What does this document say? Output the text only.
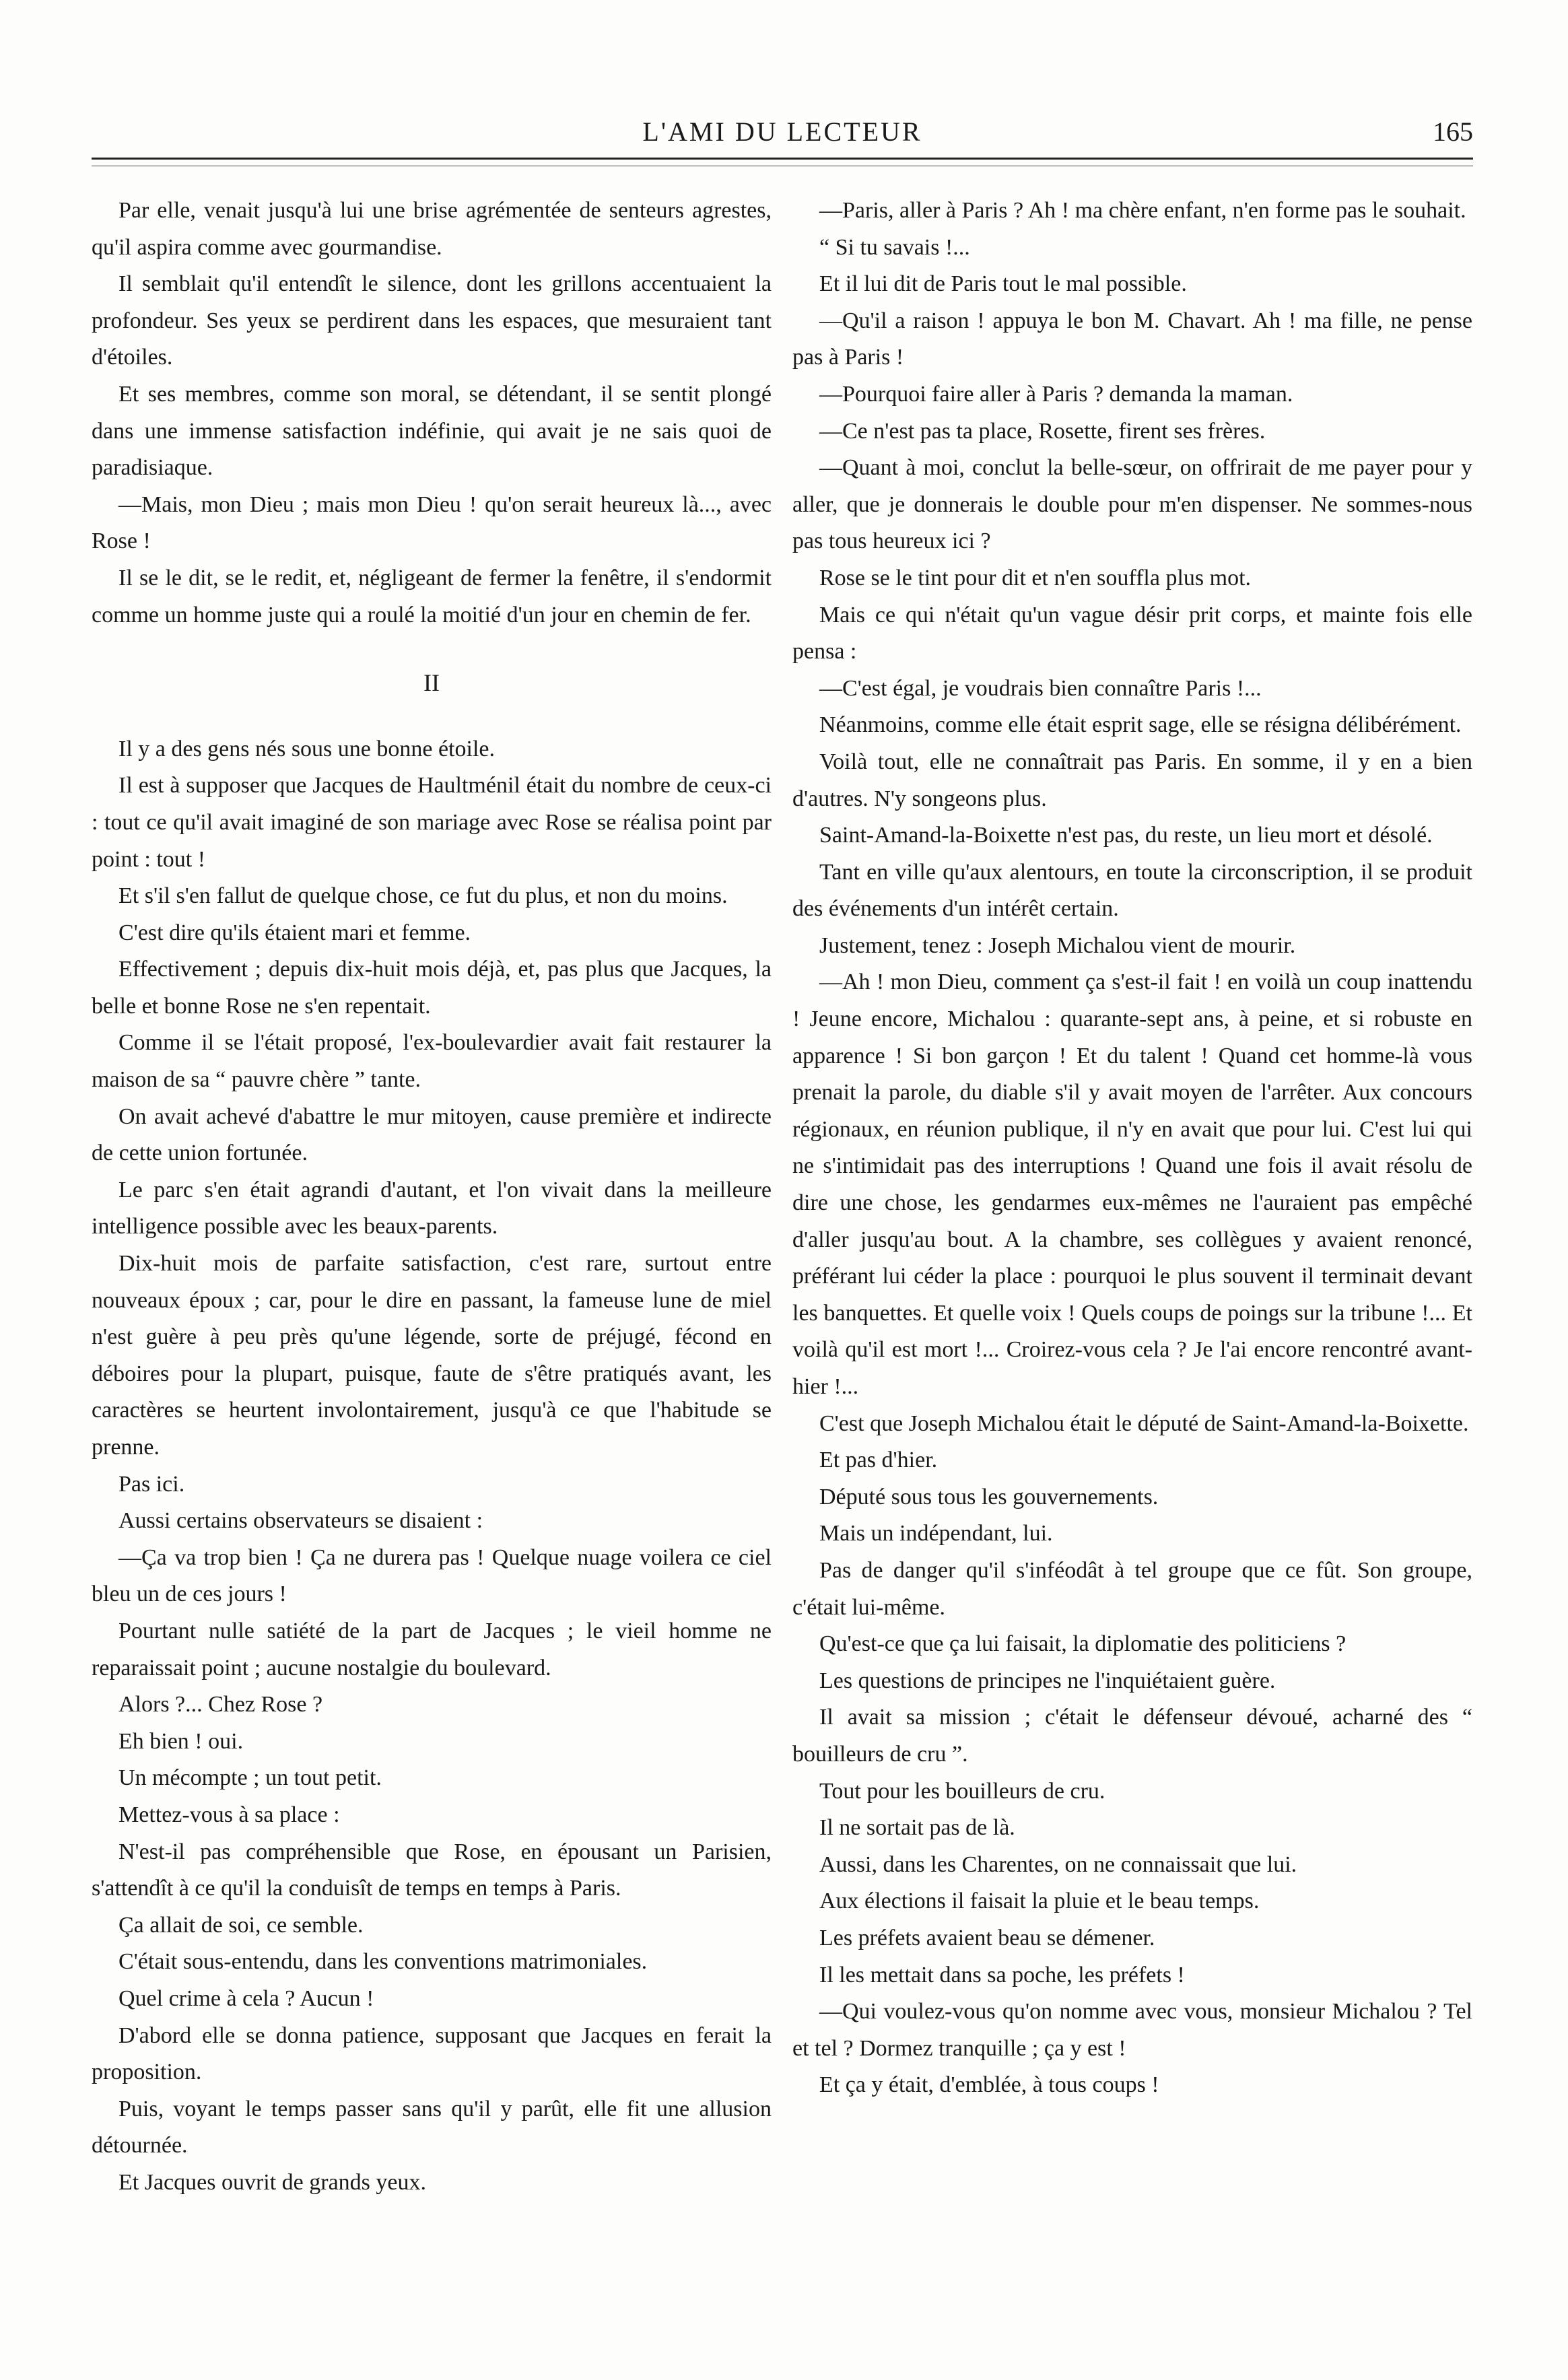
L'AMI DU LECTEUR	165

Par elle, venait jusqu'à lui une brise agrémentée de senteurs agrestes, qu'il aspira comme avec gourmandise.

Il semblait qu'il entendît le silence, dont les grillons accentuaient la profondeur. Ses yeux se perdirent dans les espaces, que mesuraient tant d'étoiles.

Et ses membres, comme son moral, se détendant, il se sentit plongé dans une immense satisfaction indéfinie, qui avait je ne sais quoi de paradisiaque.

—Mais, mon Dieu ; mais mon Dieu ! qu'on serait heureux là..., avec Rose !

Il se le dit, se le redit, et, négligeant de fermer la fenêtre, il s'endormit comme un homme juste qui a roulé la moitié d'un jour en chemin de fer.

II

Il y a des gens nés sous une bonne étoile.

Il est à supposer que Jacques de Haultménil était du nombre de ceux-ci : tout ce qu'il avait imaginé de son mariage avec Rose se réalisa point par point : tout !

Et s'il s'en fallut de quelque chose, ce fut du plus, et non du moins.

C'est dire qu'ils étaient mari et femme.

Effectivement ; depuis dix-huit mois déjà, et, pas plus que Jacques, la belle et bonne Rose ne s'en repentait.

Comme il se l'était proposé, l'ex-boulevardier avait fait restaurer la maison de sa “ pauvre chère ” tante.

On avait achevé d'abattre le mur mitoyen, cause première et indirecte de cette union fortunée.

Le parc s'en était agrandi d'autant, et l'on vivait dans la meilleure intelligence possible avec les beaux-parents.

Dix-huit mois de parfaite satisfaction, c'est rare, surtout entre nouveaux époux ; car, pour le dire en passant, la fameuse lune de miel n'est guère à peu près qu'une légende, sorte de préjugé, fécond en déboires pour la plupart, puisque, faute de s'être pratiqués avant, les caractères se heurtent involontairement, jusqu'à ce que l'habitude se prenne.

Pas ici.

Aussi certains observateurs se disaient :

—Ça va trop bien ! Ça ne durera pas ! Quelque nuage voilera ce ciel bleu un de ces jours !

Pourtant nulle satiété de la part de Jacques ; le vieil homme ne reparaissait point ; aucune nostalgie du boulevard.

Alors ?... Chez Rose ?

Eh bien ! oui.

Un mécompte ; un tout petit.

Mettez-vous à sa place :

N'est-il pas compréhensible que Rose, en épousant un Parisien, s'attendît à ce qu'il la conduisît de temps en temps à Paris.

Ça allait de soi, ce semble.

C'était sous-entendu, dans les conventions matrimoniales.

Quel crime à cela ? Aucun !

D'abord elle se donna patience, supposant que Jacques en ferait la proposition.

Puis, voyant le temps passer sans qu'il y parût, elle fit une allusion détournée.

Et Jacques ouvrit de grands yeux.

—Paris, aller à Paris ? Ah ! ma chère enfant, n'en forme pas le souhait.

“ Si tu savais !...

Et il lui dit de Paris tout le mal possible.

—Qu'il a raison ! appuya le bon M. Chavart. Ah ! ma fille, ne pense pas à Paris !

—Pourquoi faire aller à Paris ? demanda la maman.

—Ce n'est pas ta place, Rosette, firent ses frères.

—Quant à moi, conclut la belle-sœur, on offrirait de me payer pour y aller, que je donnerais le double pour m'en dispenser. Ne sommes-nous pas tous heureux ici ?

Rose se le tint pour dit et n'en souffla plus mot.

Mais ce qui n'était qu'un vague désir prit corps, et mainte fois elle pensa :

—C'est égal, je voudrais bien connaître Paris !...

Néanmoins, comme elle était esprit sage, elle se résigna délibérément.

Voilà tout, elle ne connaîtrait pas Paris. En somme, il y en a bien d'autres. N'y songeons plus.

Saint-Amand-la-Boixette n'est pas, du reste, un lieu mort et désolé.

Tant en ville qu'aux alentours, en toute la circonscription, il se produit des événements d'un intérêt certain.

Justement, tenez : Joseph Michalou vient de mourir.

—Ah ! mon Dieu, comment ça s'est-il fait ! en voilà un coup inattendu ! Jeune encore, Michalou : quarante-sept ans, à peine, et si robuste en apparence ! Si bon garçon ! Et du talent ! Quand cet homme-là vous prenait la parole, du diable s'il y avait moyen de l'arrêter. Aux concours régionaux, en réunion publique, il n'y en avait que pour lui. C'est lui qui ne s'intimidait pas des interruptions ! Quand une fois il avait résolu de dire une chose, les gendarmes eux-mêmes ne l'auraient pas empêché d'aller jusqu'au bout. A la chambre, ses collègues y avaient renoncé, préférant lui céder la place : pourquoi le plus souvent il terminait devant les banquettes. Et quelle voix ! Quels coups de poings sur la tribune !... Et voilà qu'il est mort !... Croirez-vous cela ? Je l'ai encore rencontré avant-hier !...

C'est que Joseph Michalou était le député de Saint-Amand-la-Boixette.

Et pas d'hier.

Député sous tous les gouvernements.

Mais un indépendant, lui.

Pas de danger qu'il s'inféodât à tel groupe que ce fût. Son groupe, c'était lui-même.

Qu'est-ce que ça lui faisait, la diplomatie des politiciens ?

Les questions de principes ne l'inquiétaient guère.

Il avait sa mission ; c'était le défenseur dévoué, acharné des “ bouilleurs de cru ”.

Tout pour les bouilleurs de cru.

Il ne sortait pas de là.

Aussi, dans les Charentes, on ne connaissait que lui.

Aux élections il faisait la pluie et le beau temps.

Les préfets avaient beau se démener.

Il les mettait dans sa poche, les préfets !

—Qui voulez-vous qu'on nomme avec vous, monsieur Michalou ? Tel et tel ? Dormez tranquille ; ça y est !

Et ça y était, d'emblée, à tous coups !
